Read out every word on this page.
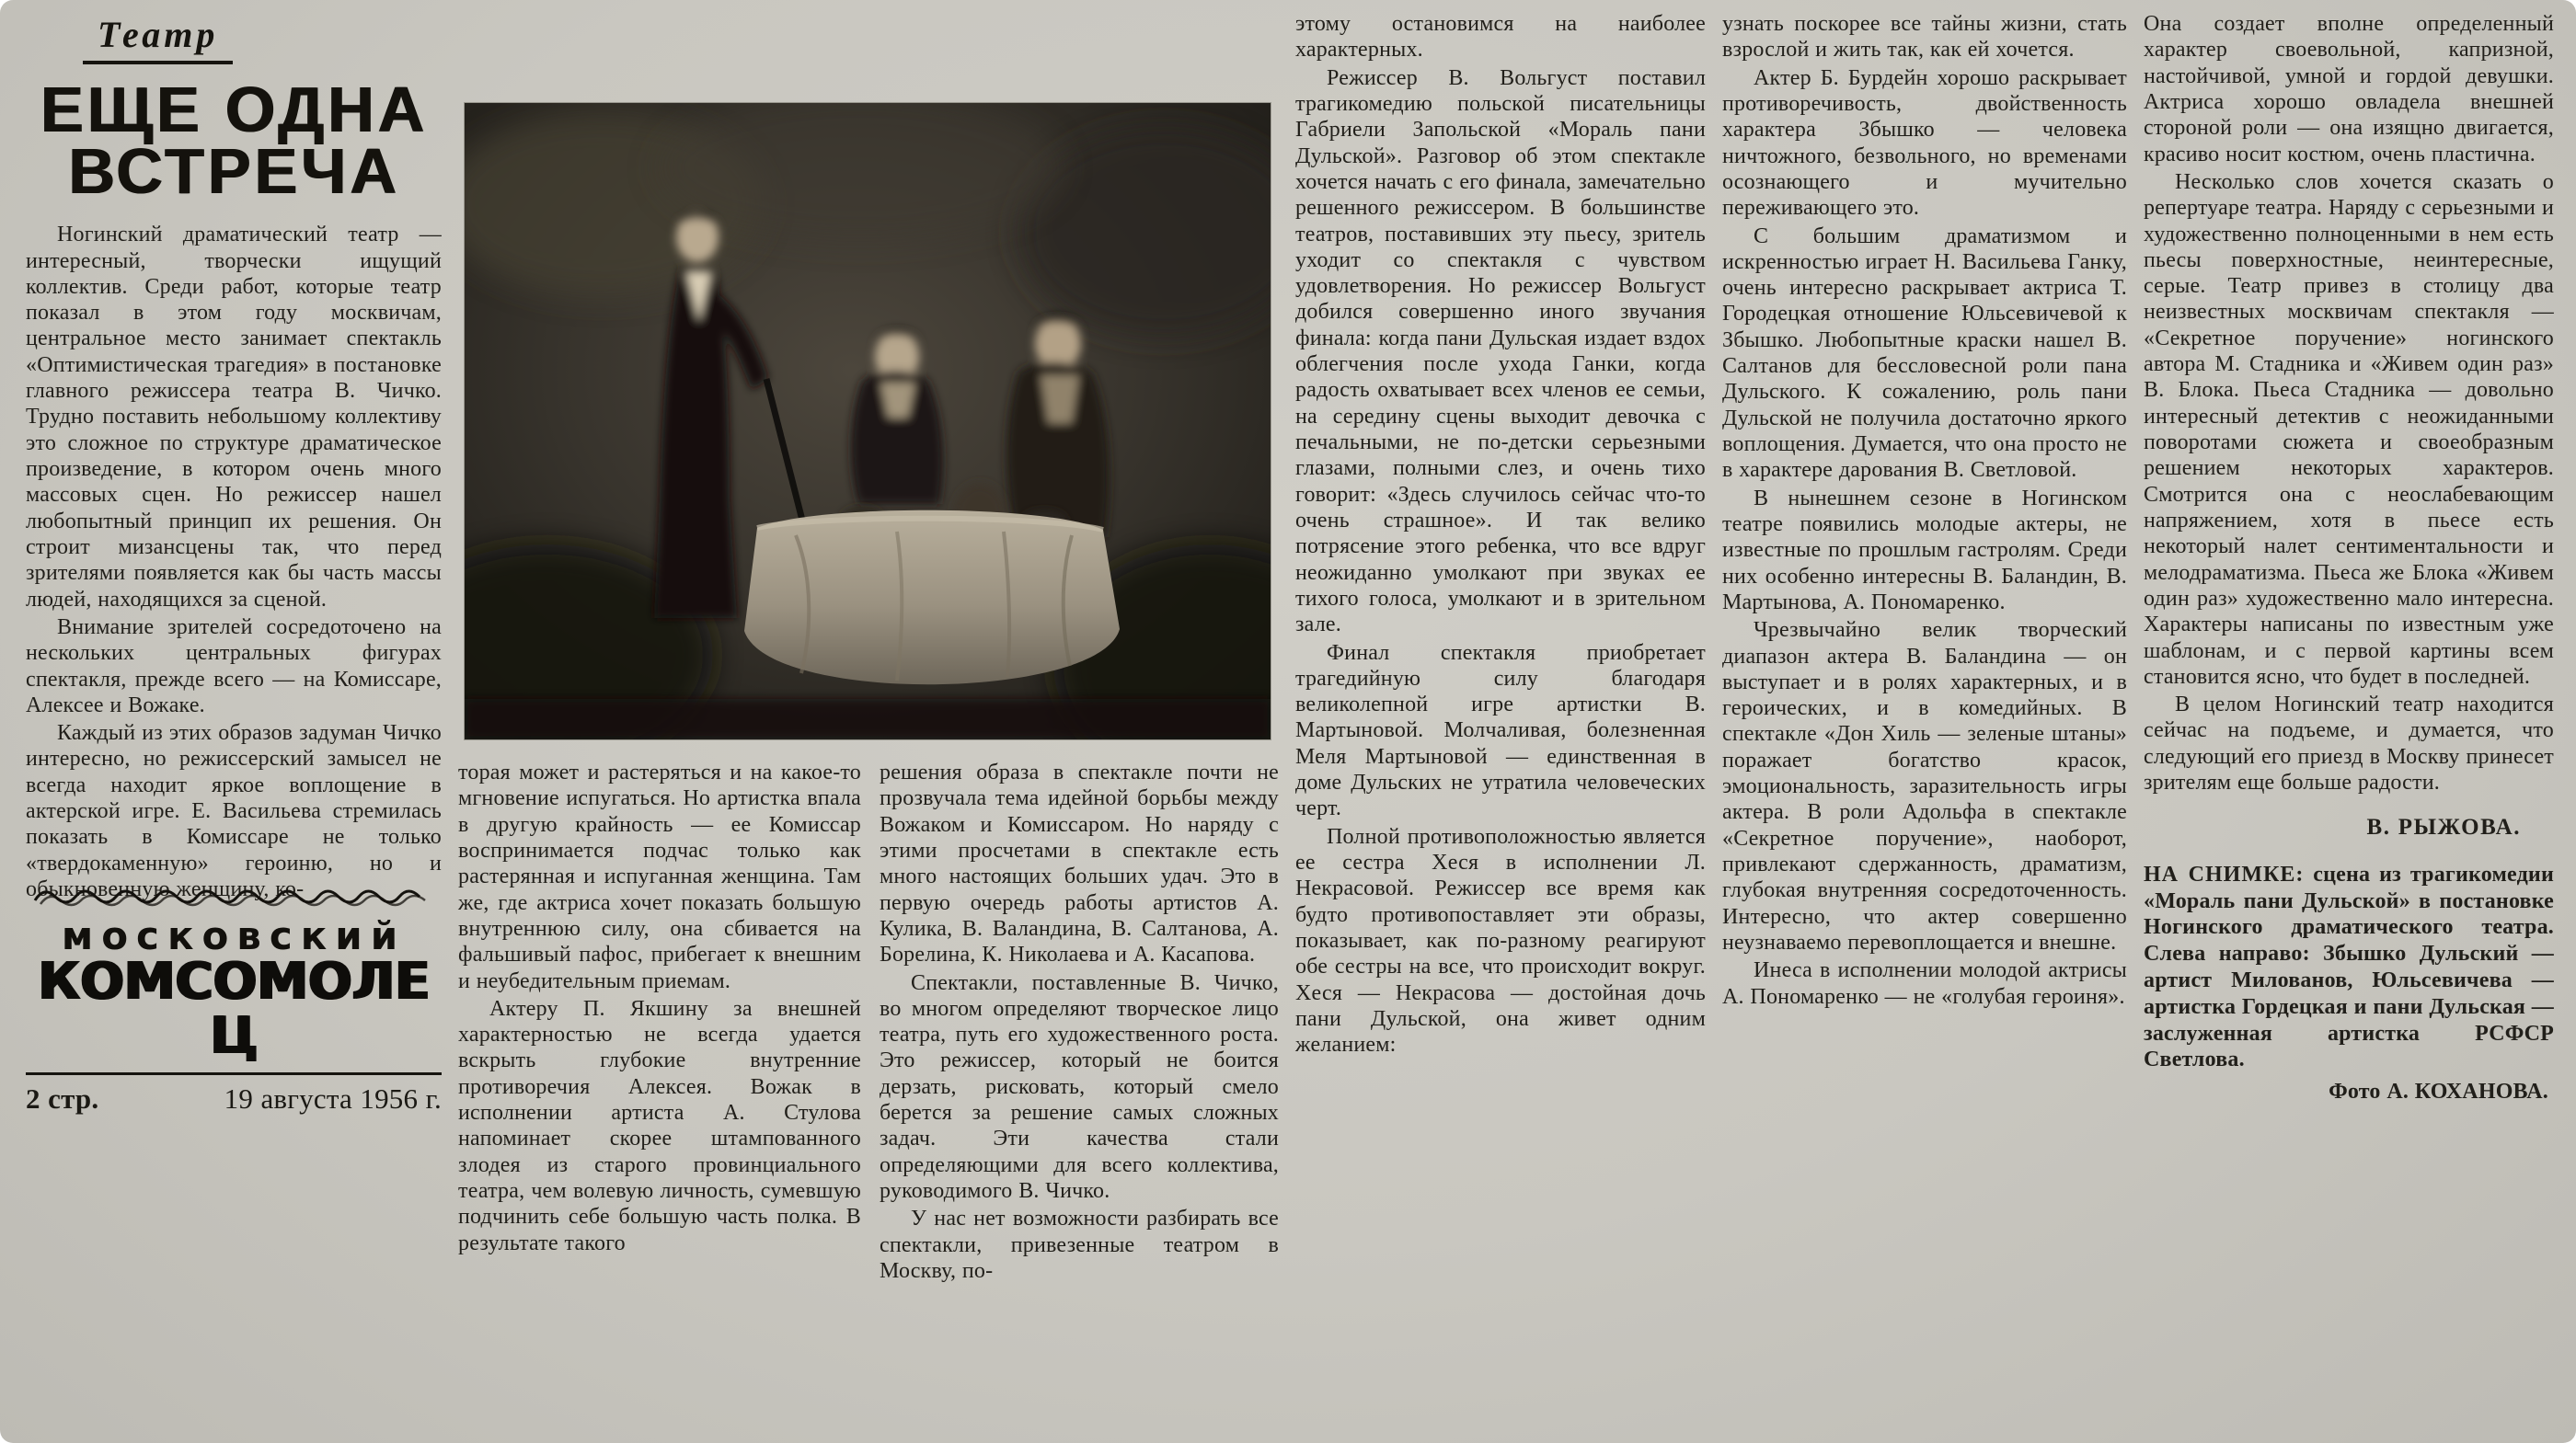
Театр
ЕЩЕ ОДНА
ВСТРЕЧА

Ногинский драматический театр — интересный, творчески ищущий коллектив. Среди работ, которые театр показал в этом году москвичам, центральное место занимает спектакль «Оптимистическая трагедия» в постановке главного режиссера театра В. Чичко. Трудно поставить небольшому коллективу это сложное по структуре драматическое произведение, в котором очень много массовых сцен. Но режиссер нашел любопытный принцип их решения. Он строит мизансцены так, что перед зрителями появляется как бы часть массы людей, находящихся за сценой.

Внимание зрителей сосредоточено на нескольких центральных фигурах спектакля, прежде всего — на Комиссаре, Алексее и Вожаке.

Каждый из этих образов задуман Чичко интересно, но режиссерский замысел не всегда находит яркое воплощение в актерской игре. Е. Васильева стремилась показать в Комиссаре не только «твердокаменную» героиню, но и обыкновенную женщину, ко-

московский
КОМСОМОЛЕЦ
2 стр.	19 августа 1956 г.

торая может и растеряться и на какое-то мгновение испугаться. Но артистка впала в другую крайность — ее Комиссар воспринимается подчас только как растерянная и испуганная женщина. Там же, где актриса хочет показать большую внутреннюю силу, она сбивается на фальшивый пафос, прибегает к внешним и неубедительным приемам.

Актеру П. Якшину за внешней характерностью не всегда удается вскрыть глубокие внутренние противоречия Алексея. Вожак в исполнении артиста А. Стулова напоминает скорее штампованного злодея из старого провинциального театра, чем волевую личность, сумевшую подчинить себе большую часть полка. В результате такого

решения образа в спектакле почти не прозвучала тема идейной борьбы между Вожаком и Комиссаром. Но наряду с этими просчетами в спектакле есть много настоящих больших удач. Это в первую очередь работы артистов А. Кулика, В. Валандина, В. Салтанова, А. Борелина, К. Николаева и А. Касапова.

Спектакли, поставленные В. Чичко, во многом определяют творческое лицо театра, путь его художественного роста. Это режиссер, который не боится дерзать, рисковать, который смело берется за решение самых сложных задач. Эти качества стали определяющими для всего коллектива, руководимого В. Чичко.

У нас нет возможности разбирать все спектакли, привезенные театром в Москву, по-

этому остановимся на наиболее характерных.

Режиссер В. Вольгуст поставил трагикомедию польской писательницы Габриели Запольской «Мораль пани Дульской». Разговор об этом спектакле хочется начать с его финала, замечательно решенного режиссером. В большинстве театров, поставивших эту пьесу, зритель уходит со спектакля с чувством удовлетворения. Но режиссер Вольгуст добился совершенно иного звучания финала: когда пани Дульская издает вздох облегчения после ухода Ганки, когда радость охватывает всех членов ее семьи, на середину сцены выходит девочка с печальными, не по-детски серьезными глазами, полными слез, и очень тихо говорит: «Здесь случилось сейчас что-то очень страшное». И так велико потрясение этого ребенка, что все вдруг неожиданно умолкают при звуках ее тихого голоса, умолкают и в зрительном зале.

Финал спектакля приобретает трагедийную силу благодаря великолепной игре артистки В. Мартыновой. Молчаливая, болезненная Меля Мартыновой — единственная в доме Дульских не утратила человеческих черт.

Полной противоположностью является ее сестра Хеся в исполнении Л. Некрасовой. Режиссер все время как будто противопоставляет эти образы, показывает, как по-разному реагируют обе сестры на все, что происходит вокруг. Хеся — Некрасова — достойная дочь пани Дульской, она живет одним желанием:

узнать поскорее все тайны жизни, стать взрослой и жить так, как ей хочется.

Актер Б. Бурдейн хорошо раскрывает противоречивость, двойственность характера Збышко — человека ничтожного, безвольного, но временами осознающего и мучительно переживающего это.

С большим драматизмом и искренностью играет Н. Васильева Ганку, очень интересно раскрывает актриса Т. Городецкая отношение Юльсевичевой к Збышко. Любопытные краски нашел В. Салтанов для бессловесной роли пана Дульского. К сожалению, роль пани Дульской не получила достаточно яркого воплощения. Думается, что она просто не в характере дарования В. Светловой.

В нынешнем сезоне в Ногинском театре появились молодые актеры, не известные по прошлым гастролям. Среди них особенно интересны В. Баландин, В. Мартынова, А. Пономаренко.

Чрезвычайно велик творческий диапазон актера В. Баландина — он выступает и в ролях характерных, и в героических, и в комедийных. В спектакле «Дон Хиль — зеленые штаны» поражает богатство красок, эмоциональность, заразительность игры актера. В роли Адольфа в спектакле «Секретное поручение», наоборот, привлекают сдержанность, драматизм, глубокая внутренняя сосредоточенность. Интересно, что актер совершенно неузнаваемо перевоплощается и внешне.

Инеса в исполнении молодой актрисы А. Пономаренко — не «голубая героиня».

Она создает вполне определенный характер своевольной, капризной, настойчивой, умной и гордой девушки. Актриса хорошо овладела внешней стороной роли — она изящно двигается, красиво носит костюм, очень пластична.

Несколько слов хочется сказать о репертуаре театра. Наряду с серьезными и художественно полноценными в нем есть пьесы поверхностные, неинтересные, серые. Театр привез в столицу два неизвестных москвичам спектакля — «Секретное поручение» ногинского автора М. Стадника и «Живем один раз» В. Блока. Пьеса Стадника — довольно интересный детектив с неожиданными поворотами сюжета и своеобразным решением некоторых характеров. Смотрится она с неослабевающим напряжением, хотя в пьесе есть некоторый налет сентиментальности и мелодраматизма. Пьеса же Блока «Живем один раз» художественно мало интересна. Характеры написаны по известным уже шаблонам, и с первой картины всем становится ясно, что будет в последней.

В целом Ногинский театр находится сейчас на подъеме, и думается, что следующий его приезд в Москву принесет зрителям еще больше радости.

В. РЫЖОВА.

НА СНИМКЕ: сцена из трагикомедии «Мораль пани Дульской» в постановке Ногинского драматического театра. Слева направо: Збышко Дульский — артист Милованов, Юльсевичева — артистка Гордецкая и пани Дульская — заслуженная артистка РСФСР Светлова.

Фото А. КОХАНОВА.
